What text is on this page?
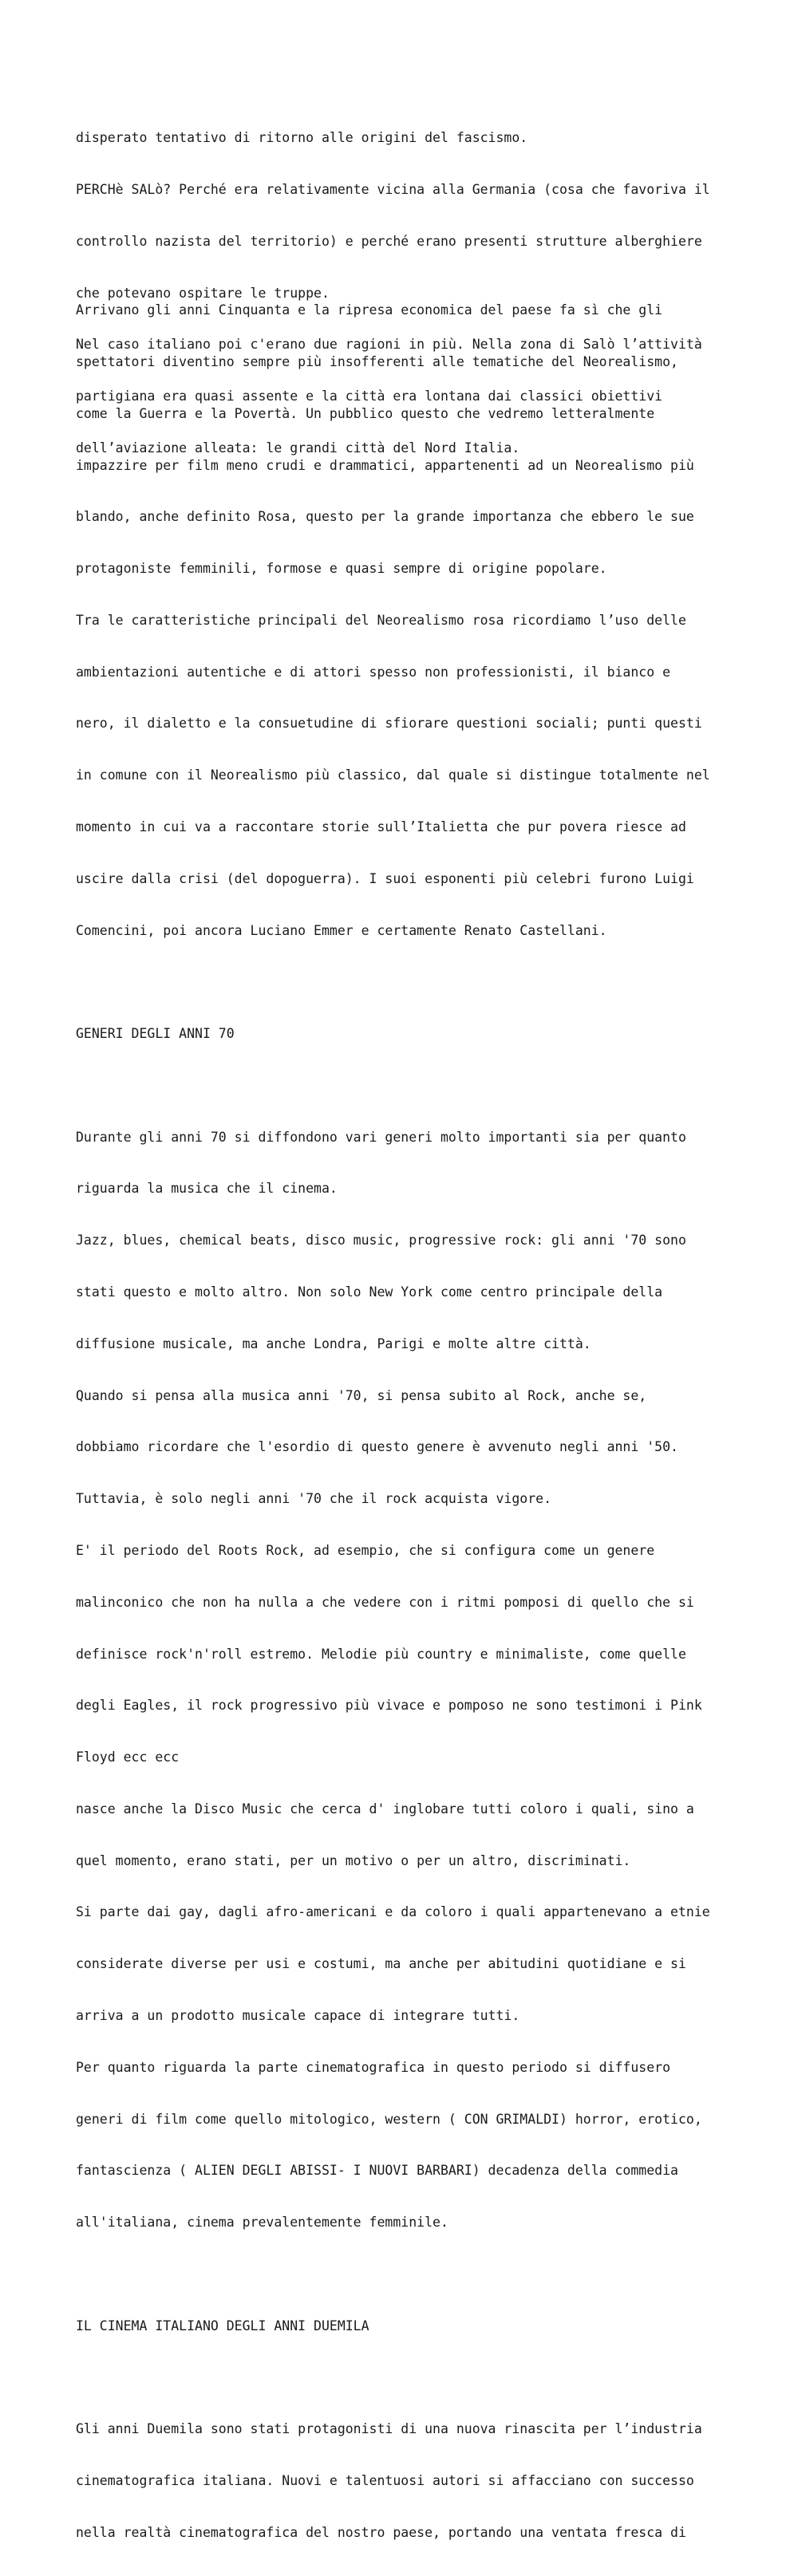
disperato tentativo di ritorno alle origini del fascismo.

PERCHè SALò? Perché era relativamente vicina alla Germania (cosa che favoriva il

controllo nazista del territorio) e perché erano presenti strutture alberghiere

che potevano ospitare le truppe.

Nel caso italiano poi c'erano due ragioni in più. Nella zona di Salò l’attività

partigiana era quasi assente e la città era lontana dai classici obiettivi

dell’aviazione alleata: le grandi città del Nord Italia.

Arrivano gli anni Cinquanta e la ripresa economica del paese fa sì che gli

spettatori diventino sempre più insofferenti alle tematiche del Neorealismo,

come la Guerra e la Povertà. Un pubblico questo che vedremo letteralmente

impazzire per film meno crudi e drammatici, appartenenti ad un Neorealismo più

blando, anche definito Rosa, questo per la grande importanza che ebbero le sue

protagoniste femminili, formose e quasi sempre di origine popolare.

Tra le caratteristiche principali del Neorealismo rosa ricordiamo l’uso delle

ambientazioni autentiche e di attori spesso non professionisti, il bianco e

nero, il dialetto e la consuetudine di sfiorare questioni sociali; punti questi

in comune con il Neorealismo più classico, dal quale si distingue totalmente nel

momento in cui va a raccontare storie sull’Italietta che pur povera riesce ad

uscire dalla crisi (del dopoguerra). I suoi esponenti più celebri furono Luigi

Comencini, poi ancora Luciano Emmer e certamente Renato Castellani.

GENERI DEGLI ANNI 70

Durante gli anni 70 si diffondono vari generi molto importanti sia per quanto

riguarda la musica che il cinema.

Jazz, blues, chemical beats, disco music, progressive rock: gli anni '70 sono

stati questo e molto altro. Non solo New York come centro principale della

diffusione musicale, ma anche Londra, Parigi e molte altre città.

Quando si pensa alla musica anni '70, si pensa subito al Rock, anche se,

dobbiamo ricordare che l'esordio di questo genere è avvenuto negli anni '50.

Tuttavia, è solo negli anni '70 che il rock acquista vigore.

E' il periodo del Roots Rock, ad esempio, che si configura come un genere

malinconico che non ha nulla a che vedere con i ritmi pomposi di quello che si

definisce rock'n'roll estremo. Melodie più country e minimaliste, come quelle

degli Eagles, il rock progressivo più vivace e pomposo ne sono testimoni i Pink

Floyd ecc ecc

nasce anche la Disco Music che cerca d' inglobare tutti coloro i quali, sino a

quel momento, erano stati, per un motivo o per un altro, discriminati.

Si parte dai gay, dagli afro-americani e da coloro i quali appartenevano a etnie

considerate diverse per usi e costumi, ma anche per abitudini quotidiane e si

arriva a un prodotto musicale capace di integrare tutti.

Per quanto riguarda la parte cinematografica in questo periodo si diffusero

generi di film come quello mitologico, western ( CON GRIMALDI) horror, erotico,

fantascienza ( ALIEN DEGLI ABISSI- I NUOVI BARBARI) decadenza della commedia

all'italiana, cinema prevalentemente femminile.

IL CINEMA ITALIANO DEGLI ANNI DUEMILA

Gli anni Duemila sono stati protagonisti di una nuova rinascita per l’industria

cinematografica italiana. Nuovi e talentuosi autori si affacciano con successo

nella realtà cinematografica del nostro paese, portando una ventata fresca di
